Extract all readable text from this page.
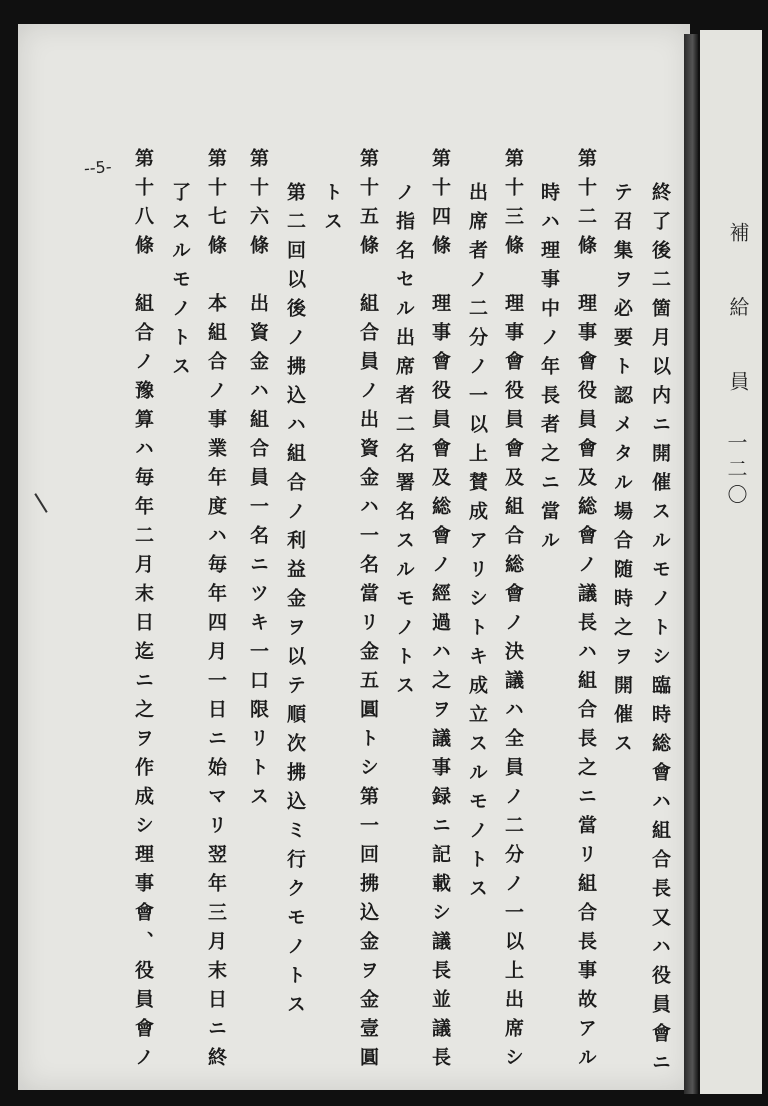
補 給 員
一二〇
--5-
終了後二箇月以内ニ開催スルモノトシ臨時総會ハ組合長又ハ役員會ニ
テ召集ヲ必要ト認メタル場合随時之ヲ開催ス
第十二條　理事會役員會及総會ノ議長ハ組合長之ニ當リ組合長事故アル
時ハ理事中ノ年長者之ニ當ル
第十三條　理事會役員會及組合総會ノ決議ハ全員ノ二分ノ一以上出席シ
出席者ノ二分ノ一以上賛成アリシトキ成立スルモノトス
第十四條　理事會役員會及総會ノ經過ハ之ヲ議事録ニ記載シ議長並議長
ノ指名セル出席者二名署名スルモノトス
第十五條　組合員ノ出資金ハ一名當リ金五圓トシ第一回拂込金ヲ金壹圓
トス
第二回以後ノ拂込ハ組合ノ利益金ヲ以テ順次拂込ミ行クモノトス
第十六條　出資金ハ組合員一名ニツキ一口限リトス
第十七條　本組合ノ事業年度ハ毎年四月一日ニ始マリ翌年三月末日ニ終
了スルモノトス
第十八條　組合ノ豫算ハ毎年二月末日迄ニ之ヲ作成シ理事會、役員會ノ
